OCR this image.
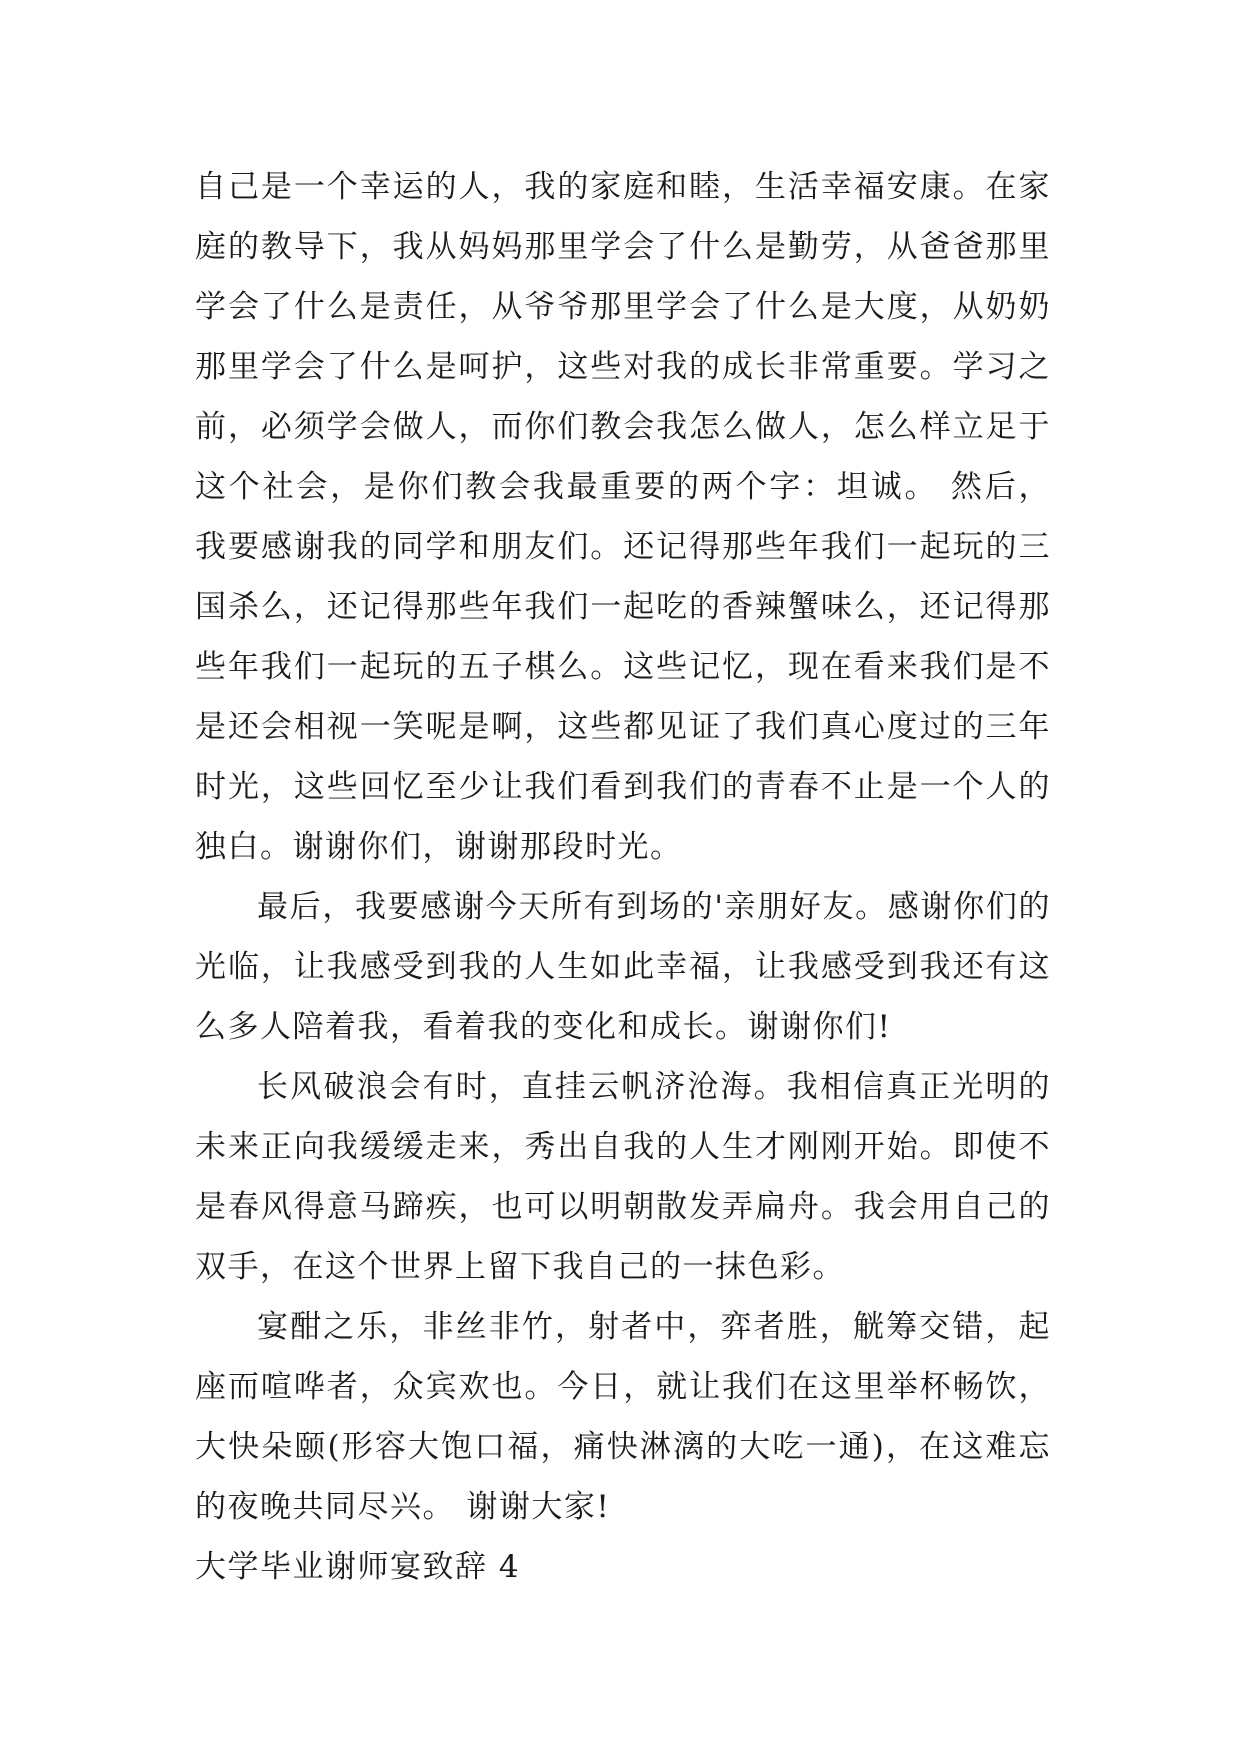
自己是一个幸运的人，我的家庭和睦，生活幸福安康。在家庭的教导下，我从妈妈那里学会了什么是勤劳，从爸爸那里学会了什么是责任，从爷爷那里学会了什么是大度，从奶奶那里学会了什么是呵护，这些对我的成长非常重要。学习之前，必须学会做人，而你们教会我怎么做人，怎么样立足于这个社会，是你们教会我最重要的两个字：坦诚。 然后，我要感谢我的同学和朋友们。还记得那些年我们一起玩的三国杀么，还记得那些年我们一起吃的香辣蟹味么，还记得那些年我们一起玩的五子棋么。这些记忆，现在看来我们是不是还会相视一笑呢是啊，这些都见证了我们真心度过的三年时光，这些回忆至少让我们看到我们的青春不止是一个人的独白。谢谢你们，谢谢那段时光。

最后，我要感谢今天所有到场的'亲朋好友。感谢你们的光临，让我感受到我的人生如此幸福，让我感受到我还有这么多人陪着我，看着我的变化和成长。谢谢你们!

长风破浪会有时，直挂云帆济沧海。我相信真正光明的未来正向我缓缓走来，秀出自我的人生才刚刚开始。即使不是春风得意马蹄疾，也可以明朝散发弄扁舟。我会用自己的双手，在这个世界上留下我自己的一抹色彩。

宴酣之乐，非丝非竹，射者中，弈者胜，觥筹交错，起座而喧哗者，众宾欢也。今日，就让我们在这里举杯畅饮，大快朵颐(形容大饱口福，痛快淋漓的大吃一通)，在这难忘的夜晚共同尽兴。 谢谢大家!

大学毕业谢师宴致辞 4
